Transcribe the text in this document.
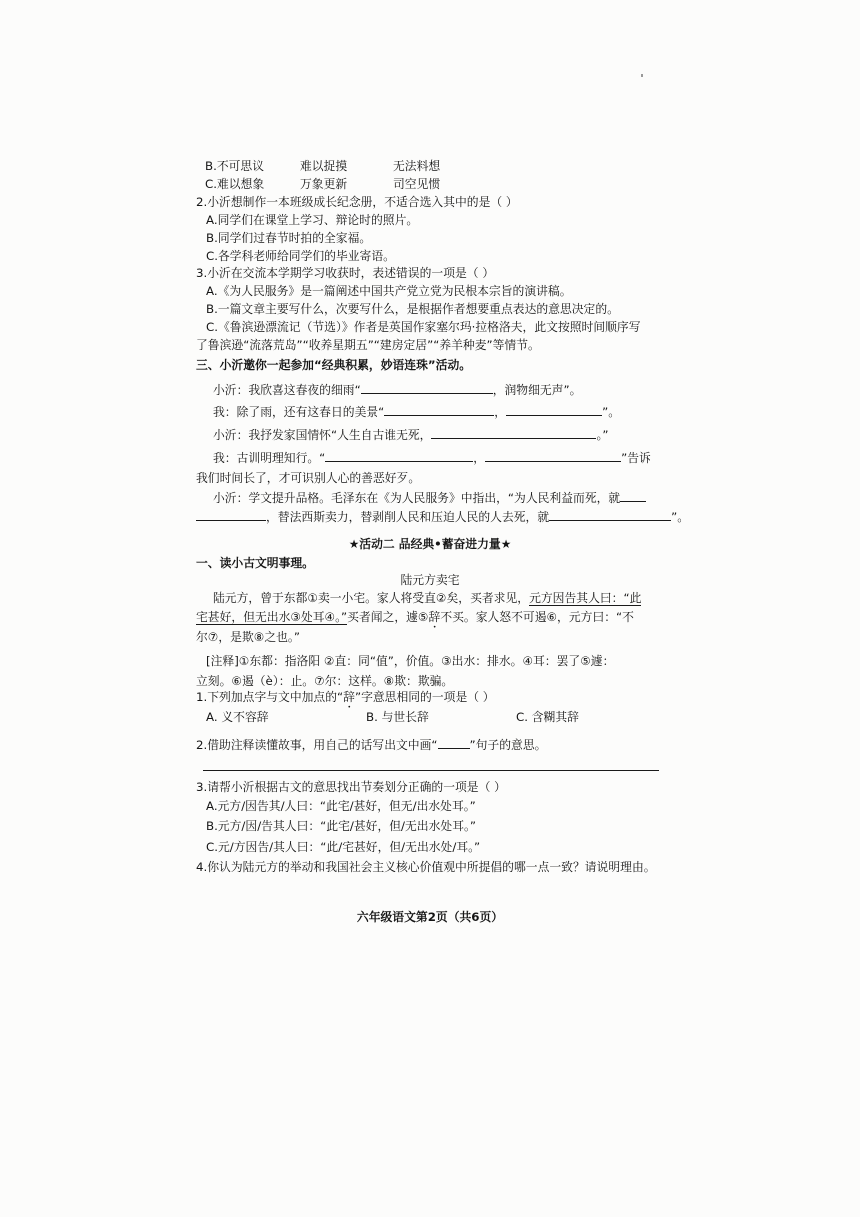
B.不可思议	难以捉摸	无法料想
C.难以想象	万象更新	司空见惯
2.小沂想制作一本班级成长纪念册，不适合选入其中的是（ ）
A.同学们在课堂上学习、辩论时的照片。
B.同学们过春节时拍的全家福。
C.各学科老师给同学们的毕业寄语。
3.小沂在交流本学期学习收获时，表述错误的一项是（ ）
A.《为人民服务》是一篇阐述中国共产党立党为民根本宗旨的演讲稿。
B.一篇文章主要写什么，次要写什么，是根据作者想要重点表达的意思决定的。
C.《鲁滨逊漂流记（节选）》作者是英国作家塞尔玛·拉格洛夫，此文按照时间顺序写
了鲁滨逊“流落荒岛”“收养星期五”“建房定居”“养羊种麦”等情节。
三、小沂邀你一起参加“经典积累，妙语连珠”活动。
小沂：我欣喜这春夜的细雨“	，润物细无声”。
我：除了雨，还有这春日的美景“	，	”。
小沂：我抒发家国情怀“人生自古谁无死，	。”
我：古训明理知行。“	，	”告诉
我们时间长了，才可识别人心的善恶好歹。
小沂：学文提升品格。毛泽东在《为人民服务》中指出，“为人民利益而死，就
，替法西斯卖力，替剥削人民和压迫人民的人去死，就	”。
★活动二 品经典•蓄奋进力量★
一、读小古文明事理。
陆元方卖宅
陆元方，曾于东都①卖一小宅。家人将受直②矣，买者求见，元方因告其人曰：“此
宅甚好，但无出水③处耳④。”买者闻之，遽⑤辞不买。家人怒不可遏⑥，元方曰：“不
尔⑦，是欺⑧之也。”
[注释]①东都：指洛阳 ②直：同“值”，价值。③出水：排水。④耳：罢了⑤遽：
立刻。⑥遏（è）：止。⑦尔：这样。⑧欺：欺骗。
1.下列加点字与文中加点的“辞”字意思相同的一项是（ ）
A. 义不容辞	B. 与世长辞	C. 含糊其辞
2.借助注释读懂故事，用自己的话写出文中画“	”句子的意思。
3.请帮小沂根据古文的意思找出节奏划分正确的一项是（ ）
A.元方/因告其/人曰：“此宅/甚好，但无/出水处耳。”
B.元方/因/告其人曰：“此宅/甚好，但/无出水处耳。”
C.元/方因告/其人曰：“此/宅甚好，但/无出水处/耳。”
4.你认为陆元方的举动和我国社会主义核心价值观中所提倡的哪一点一致？请说明理由。
六年级语文第2页（共6页）
